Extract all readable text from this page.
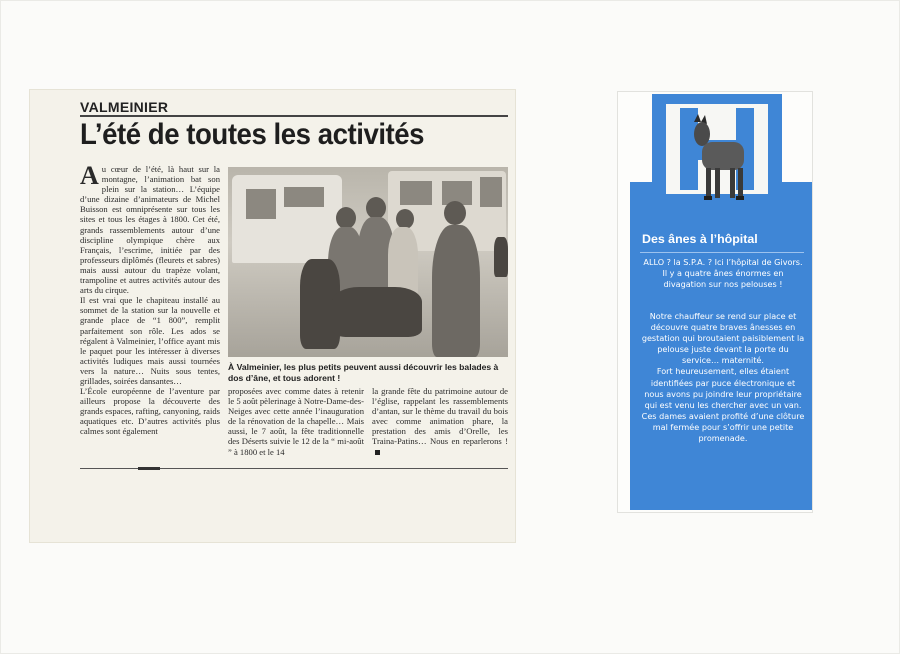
VALMEINIER
L’été de toutes les activités
A u cœur de l’été, là haut sur la montagne, l’animation bat son plein sur la station… L’équipe d’une dizaine d’animateurs de Michel Buisson est omniprésente sur tous les sites et tous les étages à 1800. Cet été, grands rassemblements autour d’une discipline olympique chère aux Français, l’escrime, initiée par des professeurs diplômés (fleurets et sabres) mais aussi autour du trapèze volant, trampoline et autres activités autour des arts du cirque.

Il est vrai que le chapiteau installé au sommet de la station sur la nouvelle et grande place de “1 800”, remplit parfaitement son rôle. Les ados se régalent à Valmeinier, l’office ayant mis le paquet pour les intéresser à diverses activités ludiques mais aussi tournées vers la nature… Nuits sous tentes, grillades, soirées dansantes…

L’École européenne de l’aventure par ailleurs propose la découverte des grands espaces, rafting, canyoning, raids aquatiques etc. D’autres activités plus calmes sont également

À Valmeinier, les plus petits peuvent aussi découvrir les balades à dos d’âne, et tous adorent !

proposées avec comme dates à retenir le 5 août pèlerinage à Notre-Dame-des-Neiges avec cette année l’inauguration de la rénovation de la chapelle… Mais aussi, le 7 août, la fête traditionnelle des Déserts suivie le 12 de la “ mi-août ” à 1800 et le 14

la grande fête du patrimoine autour de l’église, rappelant les rassemblements d’antan, sur le thème du travail du bois avec comme animation phare, la prestation des amis d’Orelle, les Traina-Patins… Nous en reparlerons !

Des ânes à l’hôpital

ALLO ? la S.P.A. ? Ici l’hôpital de Givors. Il y a quatre ânes énormes en divagation sur nos pelouses !

Notre chauffeur se rend sur place et découvre quatre braves ânesses en gestation qui broutaient paisiblement la pelouse juste devant la porte du service… maternité.

Fort heureusement, elles étaient identifiées par puce électronique et nous avons pu joindre leur propriétaire qui est venu les chercher avec un van. Ces dames avaient profité d’une clôture mal fermée pour s’offrir une petite promenade.
